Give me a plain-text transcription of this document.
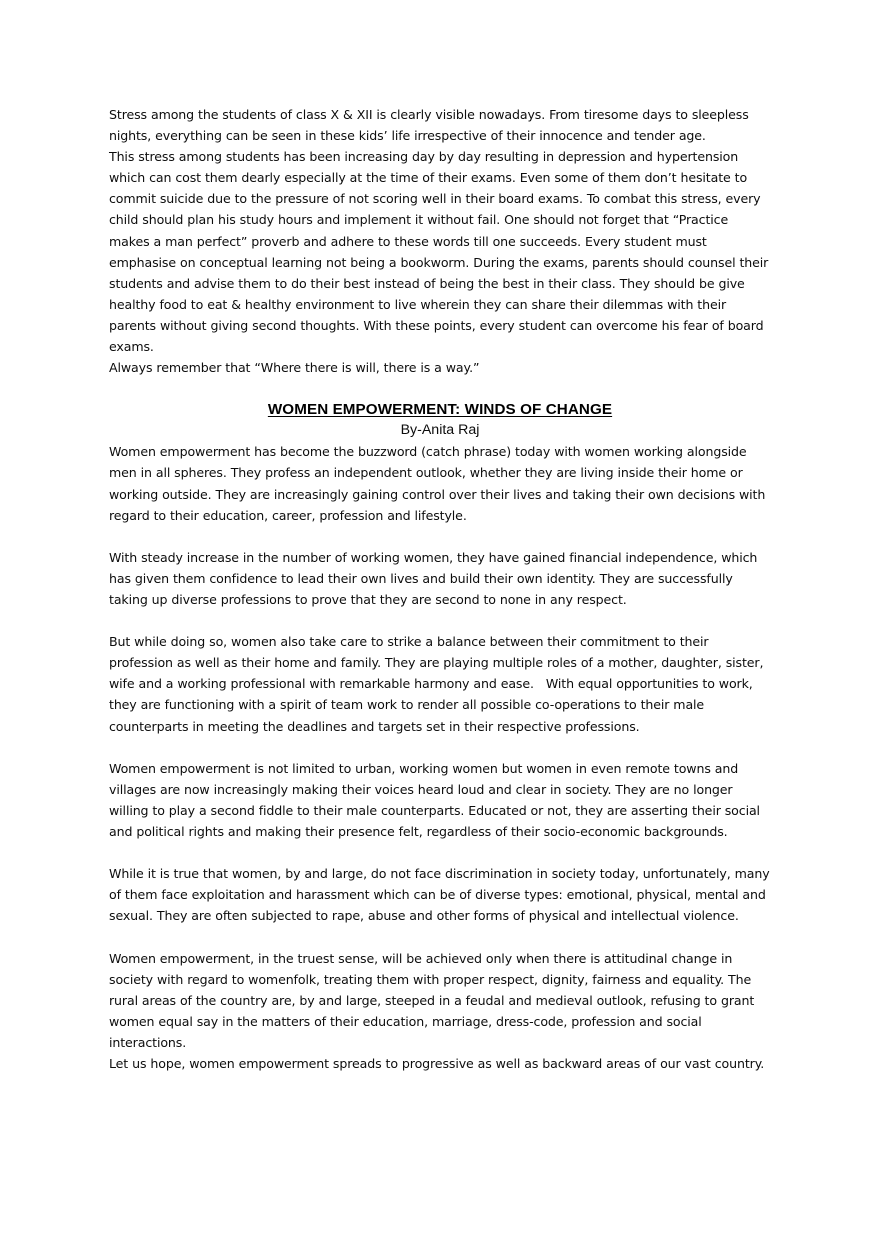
Stress among the students of class X & XII is clearly visible nowadays. From tiresome days to sleepless nights, everything can be seen in these kids’ life irrespective of their innocence and tender age.

This stress among students has been increasing day by day resulting in depression and hypertension which can cost them dearly especially at the time of their exams. Even some of them don’t hesitate to commit suicide due to the pressure of not scoring well in their board exams. To combat this stress, every child should plan his study hours and implement it without fail. One should not forget that “Practice makes a man perfect” proverb and adhere to these words till one succeeds. Every student must emphasise on conceptual learning not being a bookworm. During the exams, parents should counsel their students and advise them to do their best instead of being the best in their class. They should be give healthy food to eat & healthy environment to live wherein they can share their dilemmas with their parents without giving second thoughts. With these points, every student can overcome his fear of board exams.

Always remember that “Where there is will, there is a way.”

WOMEN EMPOWERMENT: WINDS OF CHANGE
By-Anita Raj

Women empowerment has become the buzzword (catch phrase) today with women working alongside men in all spheres. They profess an independent outlook, whether they are living inside their home or working outside. They are increasingly gaining control over their lives and taking their own decisions with regard to their education, career, profession and lifestyle.

With steady increase in the number of working women, they have gained financial independence, which has given them confidence to lead their own lives and build their own identity. They are successfully taking up diverse professions to prove that they are second to none in any respect.

But while doing so, women also take care to strike a balance between their commitment to their profession as well as their home and family. They are playing multiple roles of a mother, daughter, sister, wife and a working professional with remarkable harmony and ease.   With equal opportunities to work, they are functioning with a spirit of team work to render all possible co-operations to their male counterparts in meeting the deadlines and targets set in their respective professions.

Women empowerment is not limited to urban, working women but women in even remote towns and villages are now increasingly making their voices heard loud and clear in society. They are no longer willing to play a second fiddle to their male counterparts. Educated or not, they are asserting their social and political rights and making their presence felt, regardless of their socio-economic backgrounds.

While it is true that women, by and large, do not face discrimination in society today, unfortunately, many of them face exploitation and harassment which can be of diverse types: emotional, physical, mental and sexual. They are often subjected to rape, abuse and other forms of physical and intellectual violence.

Women empowerment, in the truest sense, will be achieved only when there is attitudinal change in society with regard to womenfolk, treating them with proper respect, dignity, fairness and equality. The rural areas of the country are, by and large, steeped in a feudal and medieval outlook, refusing to grant women equal say in the matters of their education, marriage, dress-code, profession and social interactions.

Let us hope, women empowerment spreads to progressive as well as backward areas of our vast country.
